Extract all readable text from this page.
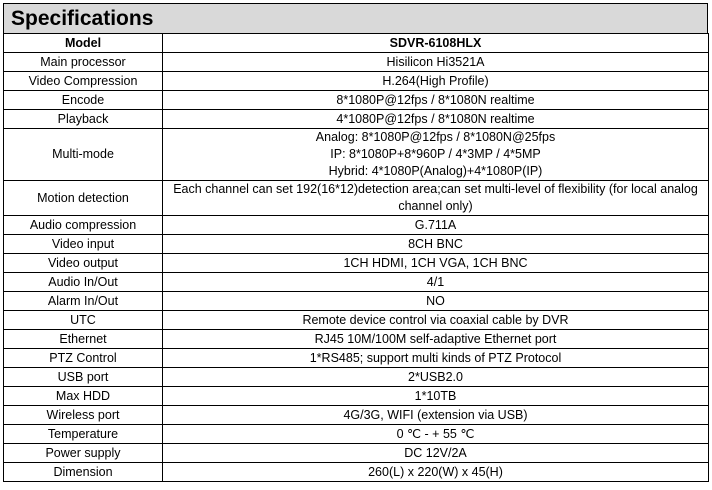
Specifications
Model	SDVR-6108HLX
Main processor	Hisilicon Hi3521A
Video Compression	H.264(High Profile)
Encode	8*1080P@12fps / 8*1080N realtime
Playback	4*1080P@12fps / 8*1080N realtime
Multi-mode	Analog: 8*1080P@12fps / 8*1080N@25fps
IP: 8*1080P+8*960P / 4*3MP / 4*5MP
Hybrid: 4*1080P(Analog)+4*1080P(IP)

Motion detection	Each channel can set 192(16*12)detection area;can set multi-level of flexibility (for local analog channel only)
Audio compression	G.711A
Video input	8CH BNC
Video output	1CH HDMI, 1CH VGA, 1CH BNC
Audio In/Out	4/1
Alarm In/Out	NO
UTC	Remote device control via coaxial cable by DVR
Ethernet	RJ45 10M/100M self-adaptive Ethernet port
PTZ Control	1*RS485; support multi kinds of PTZ Protocol
USB port	2*USB2.0
Max HDD	1*10TB
Wireless port	4G/3G, WIFI (extension via USB)
Temperature	0 ℃ - + 55 ℃
Power supply	DC 12V/2A
Dimension	260(L) x 220(W) x 45(H)
